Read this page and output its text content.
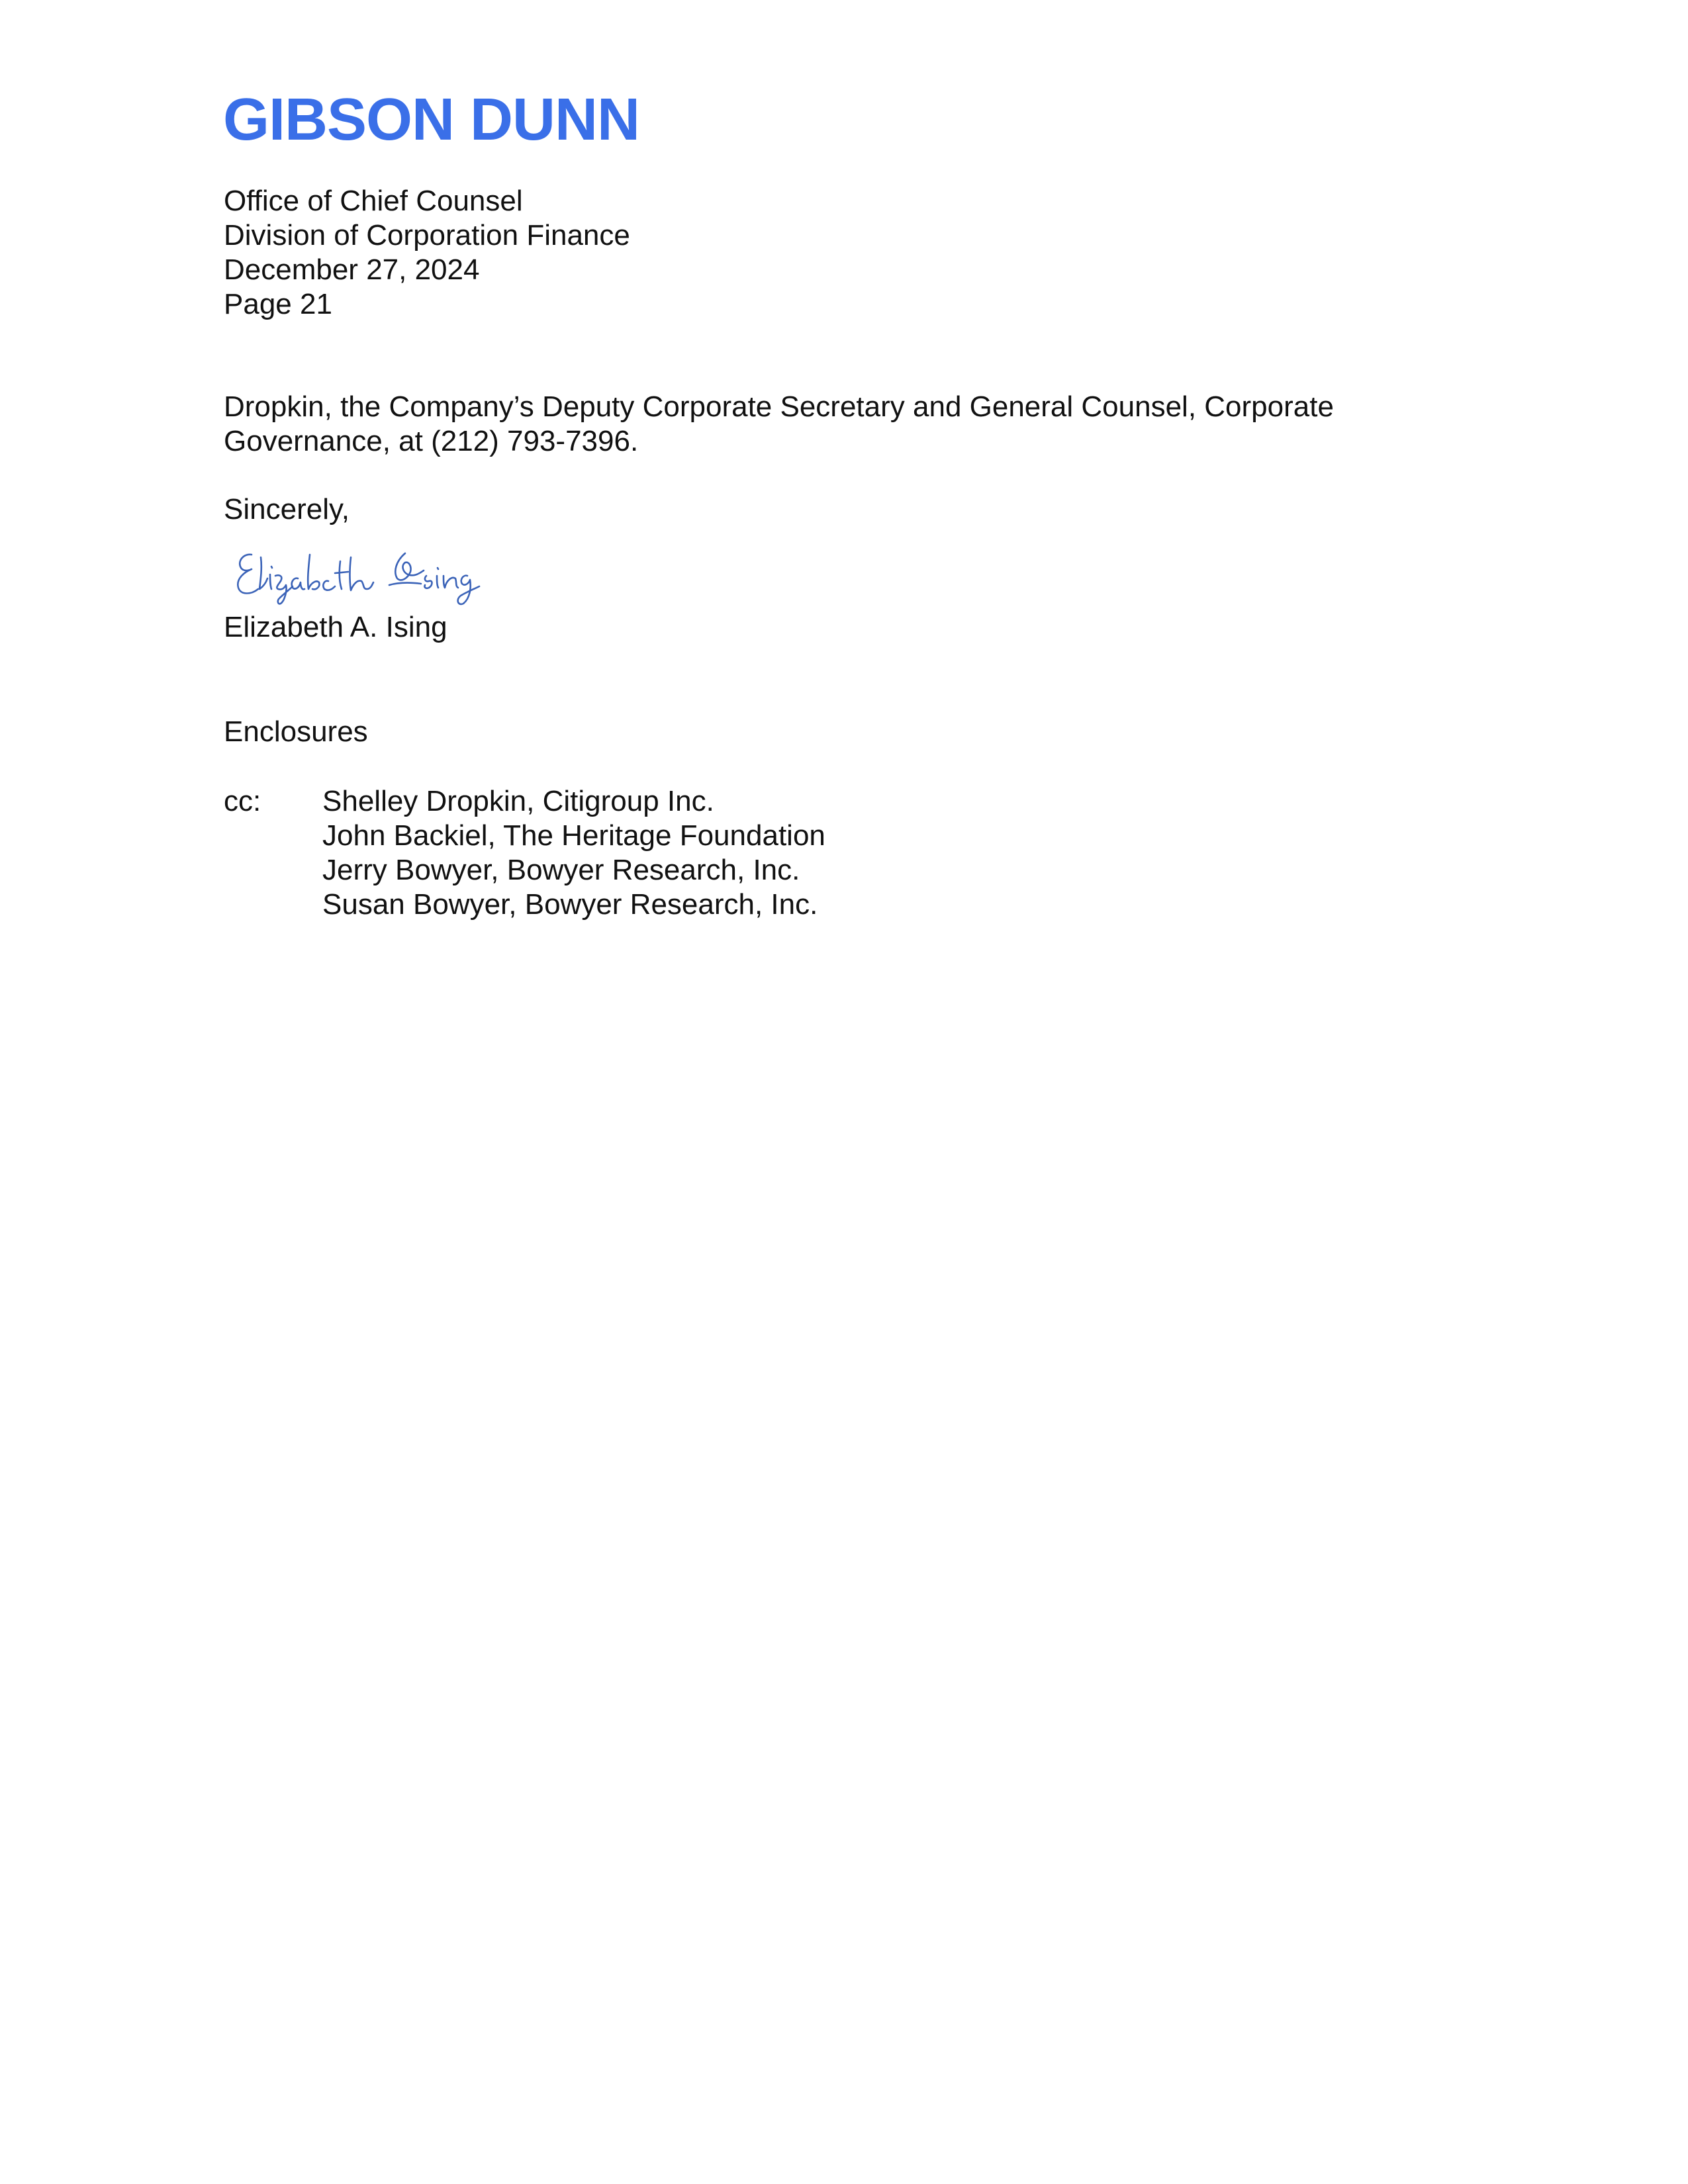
GIBSON DUNN
Office of Chief Counsel
Division of Corporation Finance
December 27, 2024
Page 21
Dropkin, the Company’s Deputy Corporate Secretary and General Counsel, Corporate
Governance, at (212) 793-7396.
Sincerely,
Elizabeth A. Ising
Enclosures
cc: Shelley Dropkin, Citigroup Inc.
John Backiel, The Heritage Foundation
Jerry Bowyer, Bowyer Research, Inc.
Susan Bowyer, Bowyer Research, Inc.
